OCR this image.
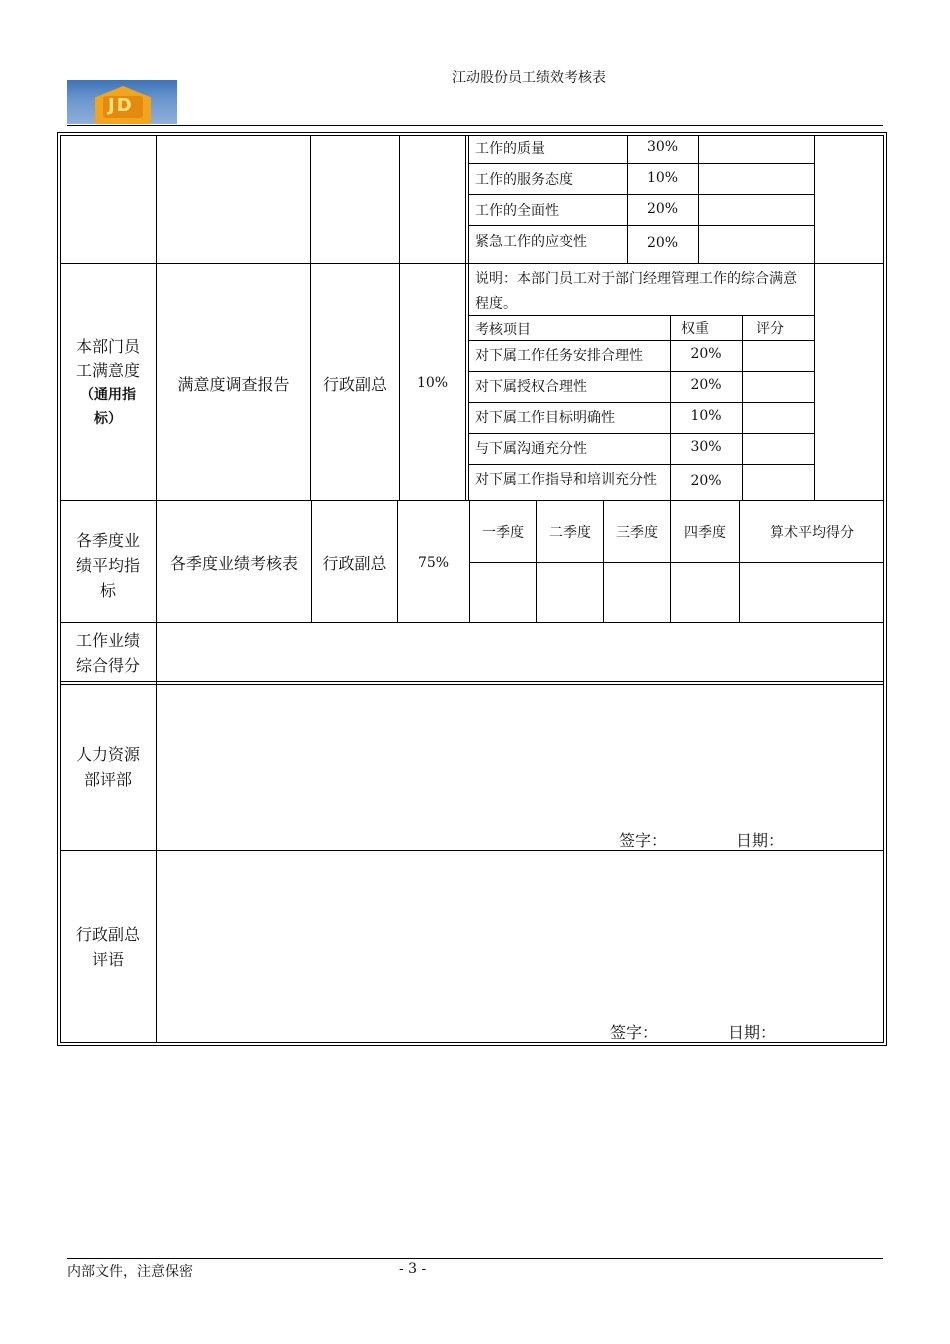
JD
江动股份员工绩效考核表
工作的质量	30%
工作的服务态度	10%
工作的全面性	20%
紧急工作的应变性	20%
本部门员
工满意度
（通用指
标）
满意度调查报告	行政副总	10%
说明：本部门员工对于部门经理管理工作的综合满意
程度。
考核项目	权重	评分
对下属工作任务安排合理性	20%
对下属授权合理性	20%
对下属工作目标明确性	10%
与下属沟通充分性	30%
对下属工作指导和培训充分性	20%
各季度业
绩平均指
标
各季度业绩考核表	行政副总	75%
一季度	二季度	三季度	四季度	算术平均得分
工作业绩
综合得分
人力资源
部评部
签字：	日期：
行政副总
评语
签字：	日期：
内部文件，注意保密	- 3 -
